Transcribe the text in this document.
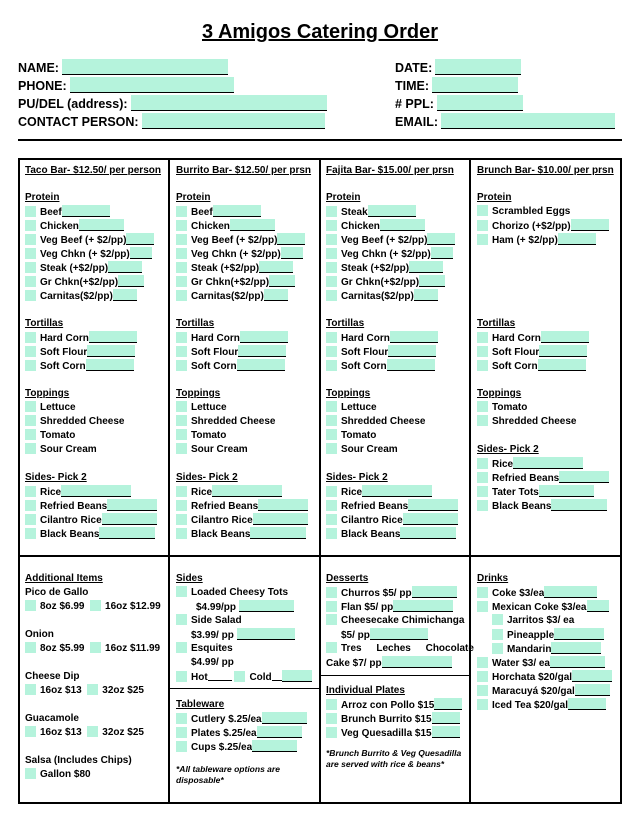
3 Amigos Catering Order
NAME:
PHONE:
PU/DEL (address):
CONTACT PERSON:
DATE:
TIME:
# PPL:
EMAIL:
Taco Bar- $12.50/ per person
Protein
Beef
Chicken
Veg Beef (+ $2/pp)
Veg Chkn (+ $2/pp)
Steak (+$2/pp)
Gr Chkn(+$2/pp)
Carnitas($2/pp)
Tortillas
Hard Corn
Soft Flour
Soft Corn
Toppings
Lettuce
Shredded Cheese
Tomato
Sour Cream
Sides- Pick 2
Rice
Refried Beans
Cilantro Rice
Black Beans
Burrito Bar- $12.50/ per prsn
Protein
Beef
Chicken
Veg Beef (+ $2/pp)
Veg Chkn (+ $2/pp)
Steak (+$2/pp)
Gr Chkn(+$2/pp)
Carnitas($2/pp)
Tortillas
Hard Corn
Soft Flour
Soft Corn
Toppings
Lettuce
Shredded Cheese
Tomato
Sour Cream
Sides- Pick 2
Rice
Refried Beans
Cilantro Rice
Black Beans
Fajita Bar- $15.00/ per prsn
Protein
Steak
Chicken
Veg Beef (+ $2/pp)
Veg Chkn (+ $2/pp)
Steak (+$2/pp)
Gr Chkn(+$2/pp)
Carnitas($2/pp)
Tortillas
Hard Corn
Soft Flour
Soft Corn
Toppings
Lettuce
Shredded Cheese
Tomato
Sour Cream
Sides- Pick 2
Rice
Refried Beans
Cilantro Rice
Black Beans
Brunch Bar- $10.00/ per prsn
Protein
Scrambled Eggs
Chorizo (+$2/pp)
Ham (+ $2/pp)
Tortillas
Hard Corn
Soft Flour
Soft Corn
Toppings
Tomato
Shredded Cheese
Sides- Pick 2
Rice
Refried Beans
Tater Tots
Black Beans
Additional Items
Pico de Gallo
8oz $6.99 16oz $12.99
Onion
8oz $5.99 16oz $11.99
Cheese Dip
16oz $13 32oz $25
Guacamole
16oz $13 32oz $25
Salsa (Includes Chips)
Gallon $80
Sides
Loaded Cheesy Tots
$4.99/pp
Side Salad
$3.99/ pp
Esquites
$4.99/ pp
Hot	Cold
Tableware
Cutlery $.25/ea
Plates $.25/ea
Cups $.25/ea
*All tableware options are disposable*
Desserts
Churros $5/ pp
Flan $5/ pp
Cheesecake Chimichanga
$5/ pp
Tres Leches Chocolate
Cake $7/ pp
Individual Plates
Arroz con Pollo $15
Brunch Burrito $15
Veg Quesadilla $15
*Brunch Burrito & Veg Quesadilla are served with rice & beans*
Drinks
Coke $3/ea
Mexican Coke $3/ea
Jarritos $3/ ea
Pineapple
Mandarin
Water $3/ ea
Horchata $20/gal
Maracuyá $20/gal
Iced Tea $20/gal
